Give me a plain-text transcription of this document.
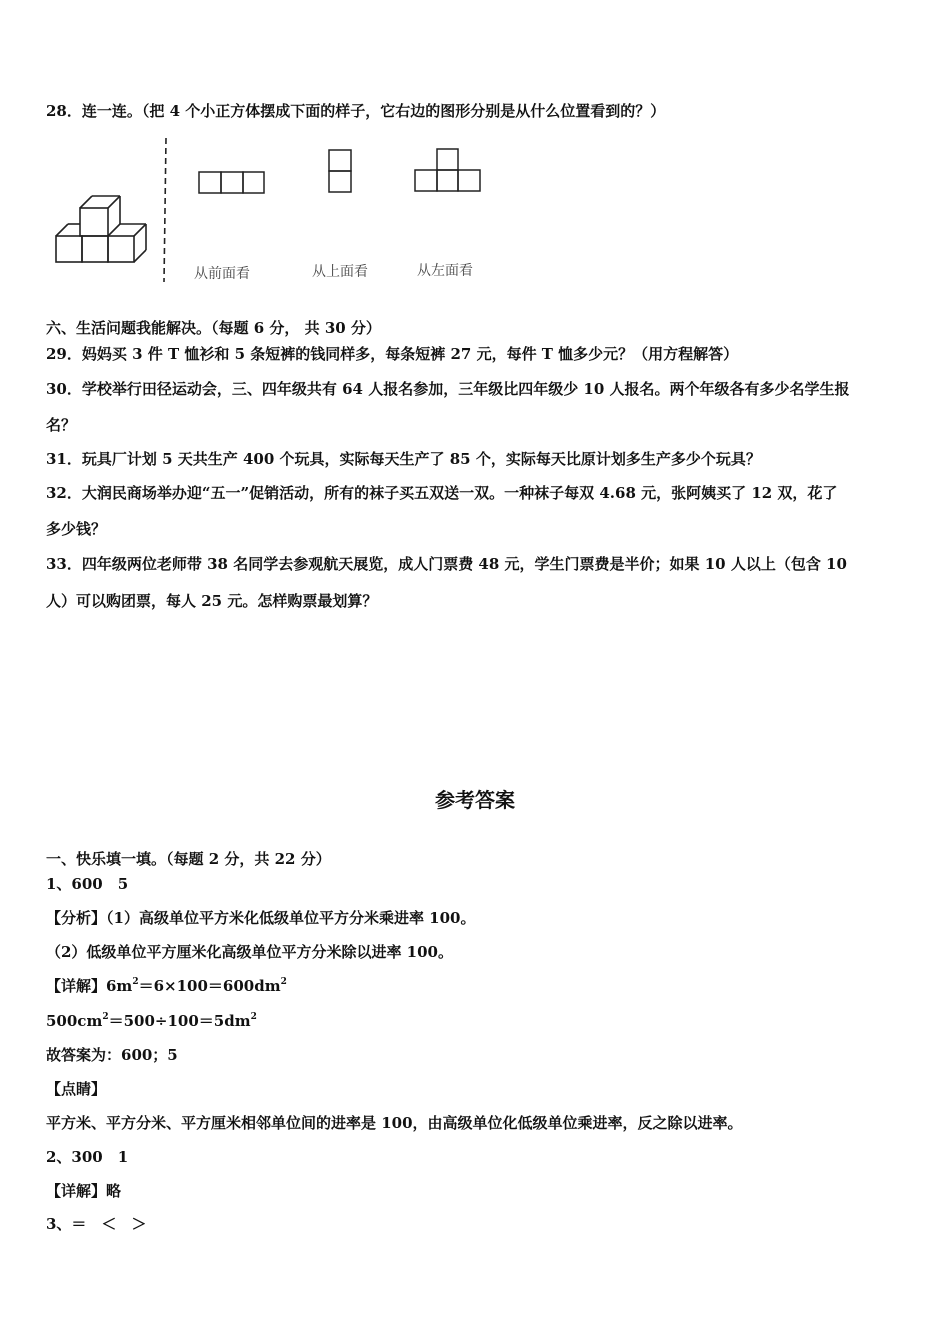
28．连一连。（把 4 个小正方体摆成下面的样子，它右边的图形分别是从什么位置看到的？）
从前面看	从上面看	从左面看
六、生活问题我能解决。（每题 6 分， 共 30 分）
29．妈妈买 3 件 T 恤衫和 5 条短裤的钱同样多，每条短裤 27 元，每件 T 恤多少元？（用方程解答）
30．学校举行田径运动会，三、四年级共有 64 人报名参加，三年级比四年级少 10 人报名。两个年级各有多少名学生报
名？
31．玩具厂计划 5 天共生产 400 个玩具，实际每天生产了 85 个，实际每天比原计划多生产多少个玩具？
32．大润民商场举办迎“五一”促销活动，所有的袜子买五双送一双。一种袜子每双 4.68 元，张阿姨买了 12 双，花了
多少钱？
33．四年级两位老师带 38 名同学去参观航天展览，成人门票费 48 元，学生门票费是半价；如果 10 人以上（包含 10
人）可以购团票，每人 25 元。怎样购票最划算？
参考答案
一、快乐填一填。（每题 2 分，共 22 分）
1、600　5
【分析】（1）高级单位平方米化低级单位平方分米乘进率 100。
（2）低级单位平方厘米化高级单位平方分米除以进率 100。
【详解】$6m^2=6\times 100=600dm^2$
$500cm^2=500\div 100=5dm^2$
故答案为：600；5
【点睛】
平方米、平方分米、平方厘米相邻单位间的进率是 100，由高级单位化低级单位乘进率，反之除以进率。
2、300　1
【详解】略
3、＝　＜　＞
